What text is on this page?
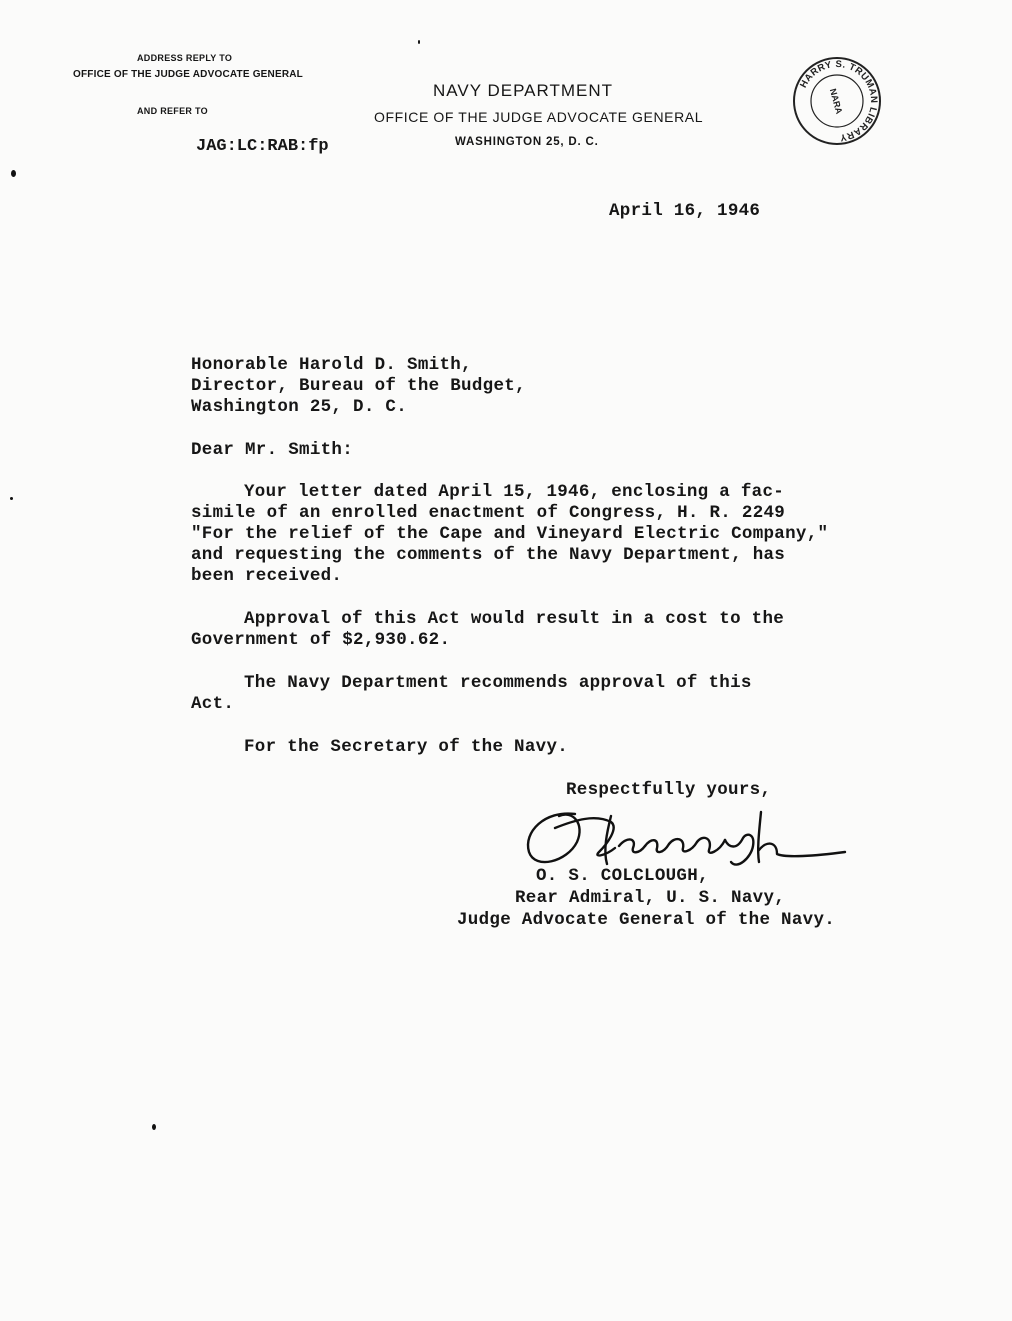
ADDRESS REPLY TO
OFFICE OF THE JUDGE ADVOCATE GENERAL
AND REFER TO
JAG:LC:RAB:fp
NAVY DEPARTMENT
OFFICE OF THE JUDGE ADVOCATE GENERAL
WASHINGTON 25, D. C.
HARRY S. TRUMAN LIBRARY
NARA
April 16, 1946
Honorable Harold D. Smith,
Director, Bureau of the Budget,
Washington 25, D. C.
Dear Mr. Smith:
Your letter dated April 15, 1946, enclosing a fac-
simile of an enrolled enactment of Congress, H. R. 2249
"For the relief of the Cape and Vineyard Electric Company,"
and requesting the comments of the Navy Department, has
been received.
Approval of this Act would result in a cost to the
Government of $2,930.62.
The Navy Department recommends approval of this
Act.
For the Secretary of the Navy.
Respectfully yours,
O. S. COLCLOUGH,
Rear Admiral, U. S. Navy,
Judge Advocate General of the Navy.
